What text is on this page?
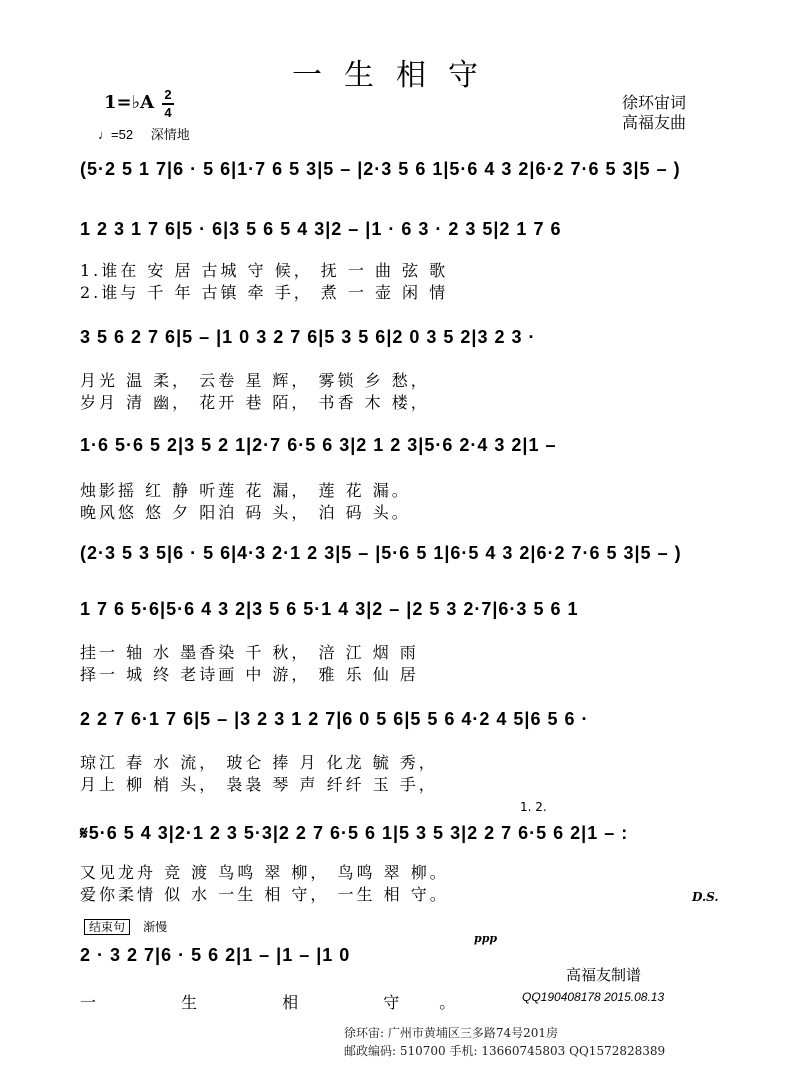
一生相守
1=♭A 2
4
♩=52 深情地
徐环宙词
高福友曲
(5·2 5 1 7|6 · 5 6|1·7 6 5 3|5 – |2·3 5 6 1|5·6 4 3 2|6·2 7·6 5 3|5 – )
1 2 3 1 7 6|5 · 6|3 5 6 5 4 3|2 – |1 · 6 3 · 2 3 5|2 1 7 6
1.谁在 安 居 古城 守 候， 抚 一 曲 弦 歌
2.谁与 千 年 古镇 牵 手， 煮 一 壶 闲 情
3 5 6 2 7 6|5 – |1 0 3 2 7 6|5 3 5 6|2 0 3 5 2|3 2 3 ·
月光 温 柔， 云卷 星 辉， 雾锁 乡 愁，
岁月 清 幽， 花开 巷 陌， 书香 木 楼，
1·6 5·6 5 2|3 5 2 1|2·7 6·5 6 3|2 1 2 3|5·6 2·4 3 2|1 –
烛影摇 红 静 听莲 花 漏， 莲 花 漏。
晚风悠 悠 夕 阳泊 码 头， 泊 码 头。
(2·3 5 3 5|6 · 5 6|4·3 2·1 2 3|5 – |5·6 5 1|6·5 4 3 2|6·2 7·6 5 3|5 – )
1 7 6 5·6|5·6 4 3 2|3 5 6 5·1 4 3|2 – |2 5 3 2·7|6·3 5 6 1
挂一 轴 水 墨香染 千 秋， 涪 江 烟 雨
择一 城 终 老诗画 中 游， 雅 乐 仙 居
2 2 7 6·1 7 6|5 – |3 2 3 1 2 7|6 0 5 6|5 5 6 4·2 4 5|6 5 6 ·
琼江 春 水 流， 玻仑 捧 月 化龙 毓 秀，
月上 柳 梢 头， 袅袅 琴 声 纤纤 玉 手，
1. 2.
𝄋5·6 5 4 3|2·1 2 3 5·3|2 2 7 6·5 6 1|5 3 5 3|2 2 7 6·5 6 2|1 – :
又见龙舟 竞 渡 鸟鸣 翠 柳， 鸟鸣 翠 柳。
爱你柔情 似 水 一生 相 守， 一生 相 守。	D.S.
结束句 渐慢
ppp
2 · 3 2 7|6 · 5 6 2|1 – |1 – |1 0
一 生 相 守。
高福友制谱
QQ190408178 2015.08.13
徐环宙: 广州市黄埔区三多路74号201房
邮政编码: 510700 手机: 13660745803 QQ1572828389
